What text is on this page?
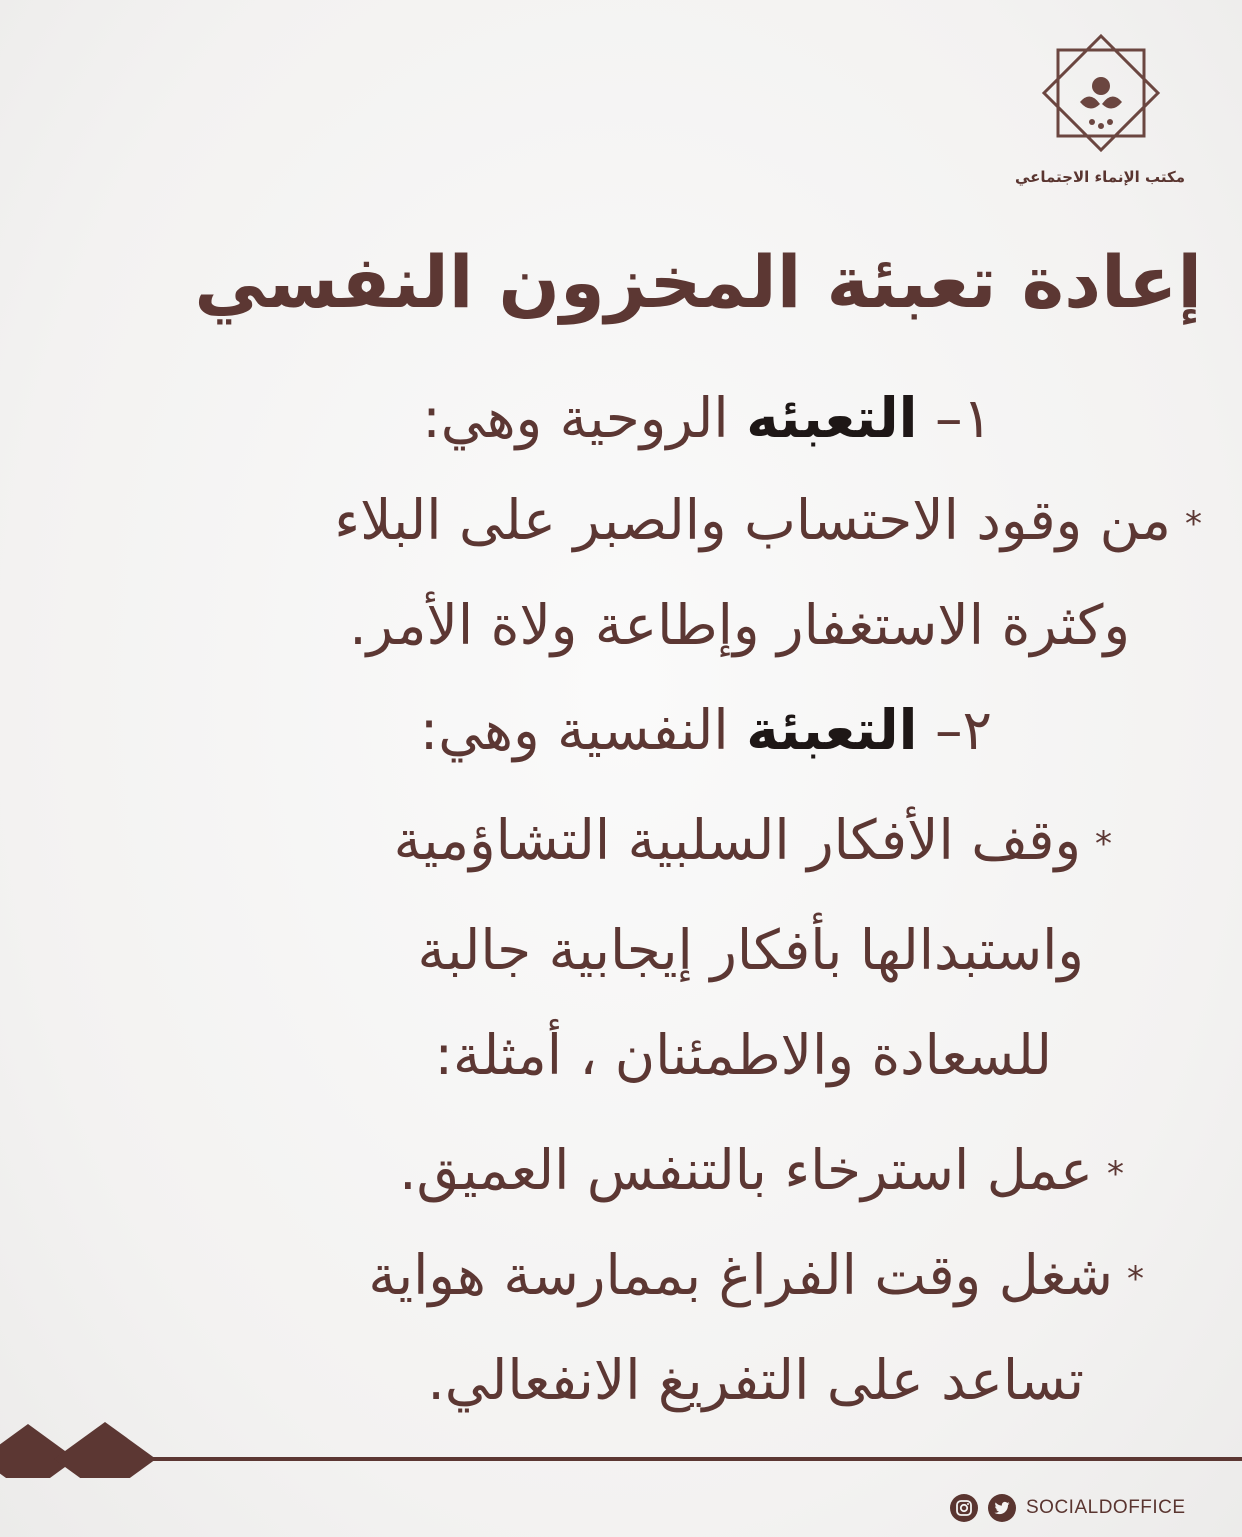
مكتب الإنماء الاجتماعي
إعادة تعبئة المخزون النفسي
١– التعبئه الروحية وهي:
*من وقود الاحتساب والصبر على البلاء
وكثرة الاستغفار وإطاعة ولاة الأمر.
٢– التعبئة النفسية وهي:
*وقف الأفكار السلبية التشاؤمية
واستبدالها بأفكار إيجابية جالبة
للسعادة والاطمئنان ، أمثلة:
*عمل استرخاء بالتنفس العميق.
*شغل وقت الفراغ بممارسة هواية
تساعد على التفريغ الانفعالي.
SOCIALDOFFICE
